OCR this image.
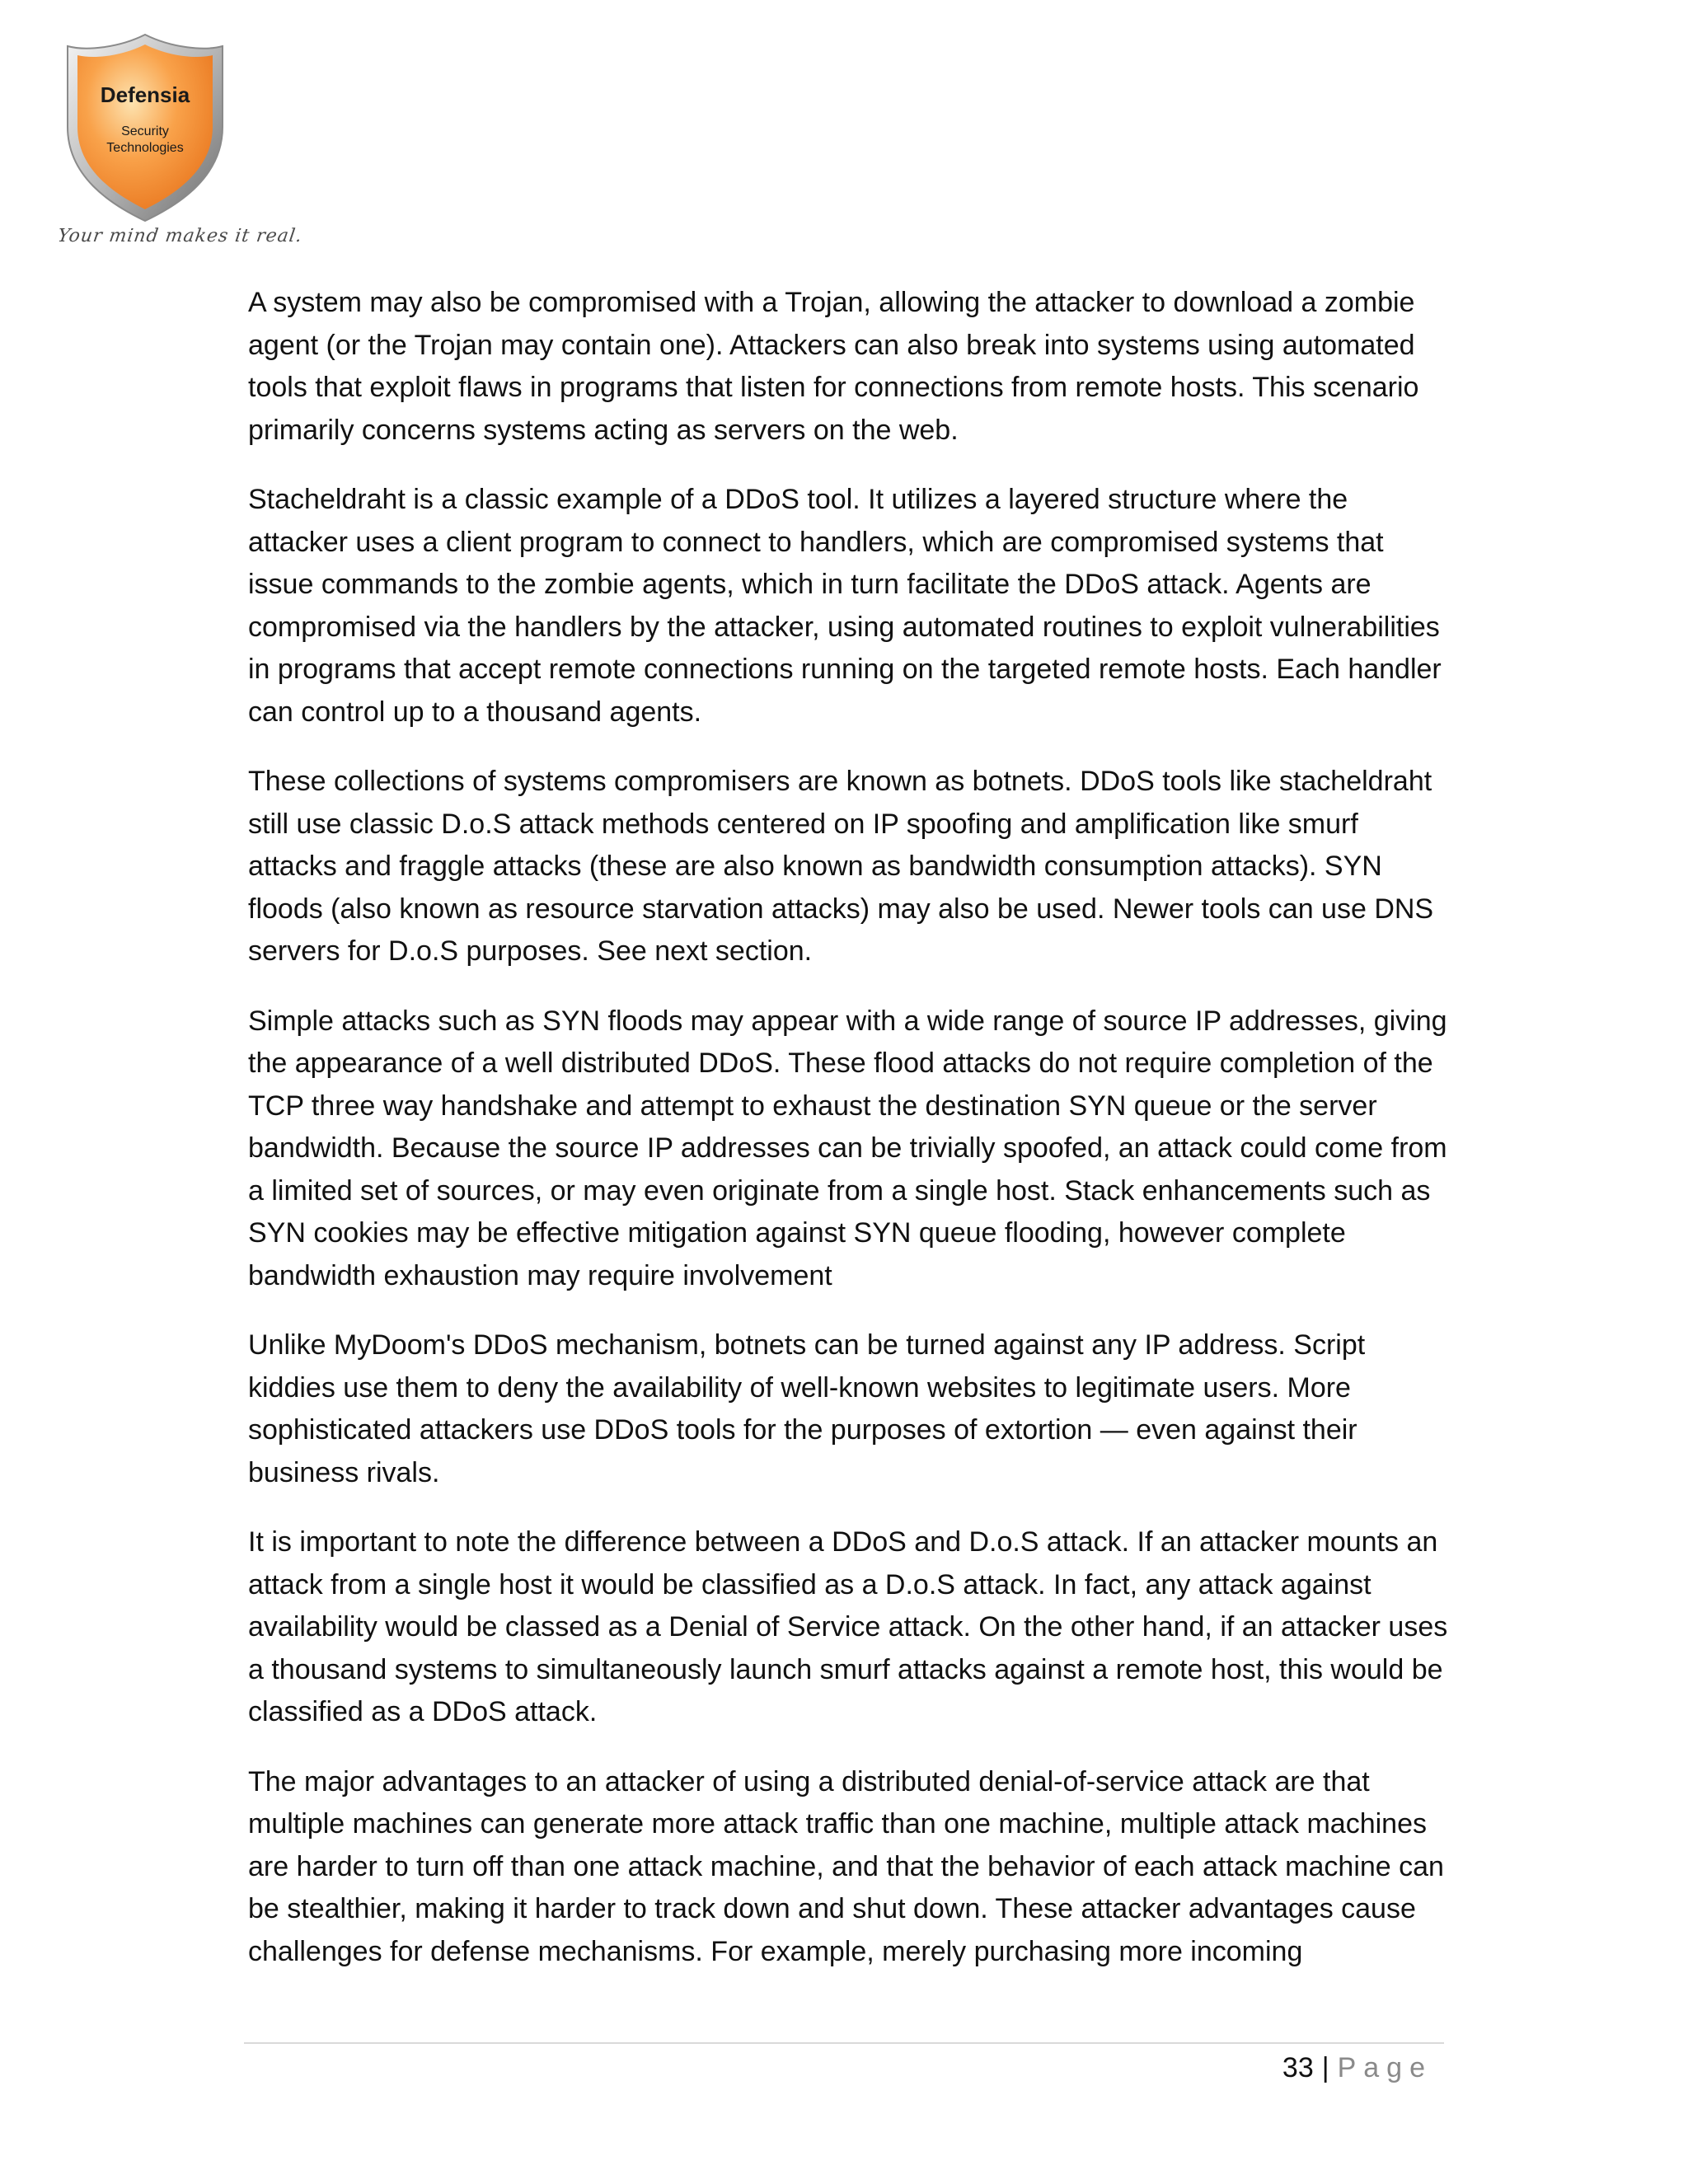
Defensia
Security
Technologies
Your mind makes it real.

A system may also be compromised with a Trojan, allowing the attacker to download a zombie agent (or the Trojan may contain one). Attackers can also break into systems using automated tools that exploit flaws in programs that listen for connections from remote hosts. This scenario primarily concerns systems acting as servers on the web.

Stacheldraht is a classic example of a DDoS tool. It utilizes a layered structure where the attacker uses a client program to connect to handlers, which are compromised systems that issue commands to the zombie agents, which in turn facilitate the DDoS attack. Agents are compromised via the handlers by the attacker, using automated routines to exploit vulnerabilities in programs that accept remote connections running on the targeted remote hosts. Each handler can control up to a thousand agents.

These collections of systems compromisers are known as botnets. DDoS tools like stacheldraht still use classic D.o.S attack methods centered on IP spoofing and amplification like smurf attacks and fraggle attacks (these are also known as bandwidth consumption attacks). SYN floods (also known as resource starvation attacks) may also be used. Newer tools can use DNS servers for D.o.S purposes. See next section.

Simple attacks such as SYN floods may appear with a wide range of source IP addresses, giving the appearance of a well distributed DDoS. These flood attacks do not require completion of the TCP three way handshake and attempt to exhaust the destination SYN queue or the server bandwidth. Because the source IP addresses can be trivially spoofed, an attack could come from a limited set of sources, or may even originate from a single host. Stack enhancements such as SYN cookies may be effective mitigation against SYN queue flooding, however complete bandwidth exhaustion may require involvement

Unlike MyDoom's DDoS mechanism, botnets can be turned against any IP address. Script kiddies use them to deny the availability of well-known websites to legitimate users. More sophisticated attackers use DDoS tools for the purposes of extortion — even against their business rivals.

It is important to note the difference between a DDoS and D.o.S attack. If an attacker mounts an attack from a single host it would be classified as a D.o.S attack. In fact, any attack against availability would be classed as a Denial of Service attack. On the other hand, if an attacker uses a thousand systems to simultaneously launch smurf attacks against a remote host, this would be classified as a DDoS attack.

The major advantages to an attacker of using a distributed denial-of-service attack are that multiple machines can generate more attack traffic than one machine, multiple attack machines are harder to turn off than one attack machine, and that the behavior of each attack machine can be stealthier, making it harder to track down and shut down. These attacker advantages cause challenges for defense mechanisms. For example, merely purchasing more incoming

33 | Page
